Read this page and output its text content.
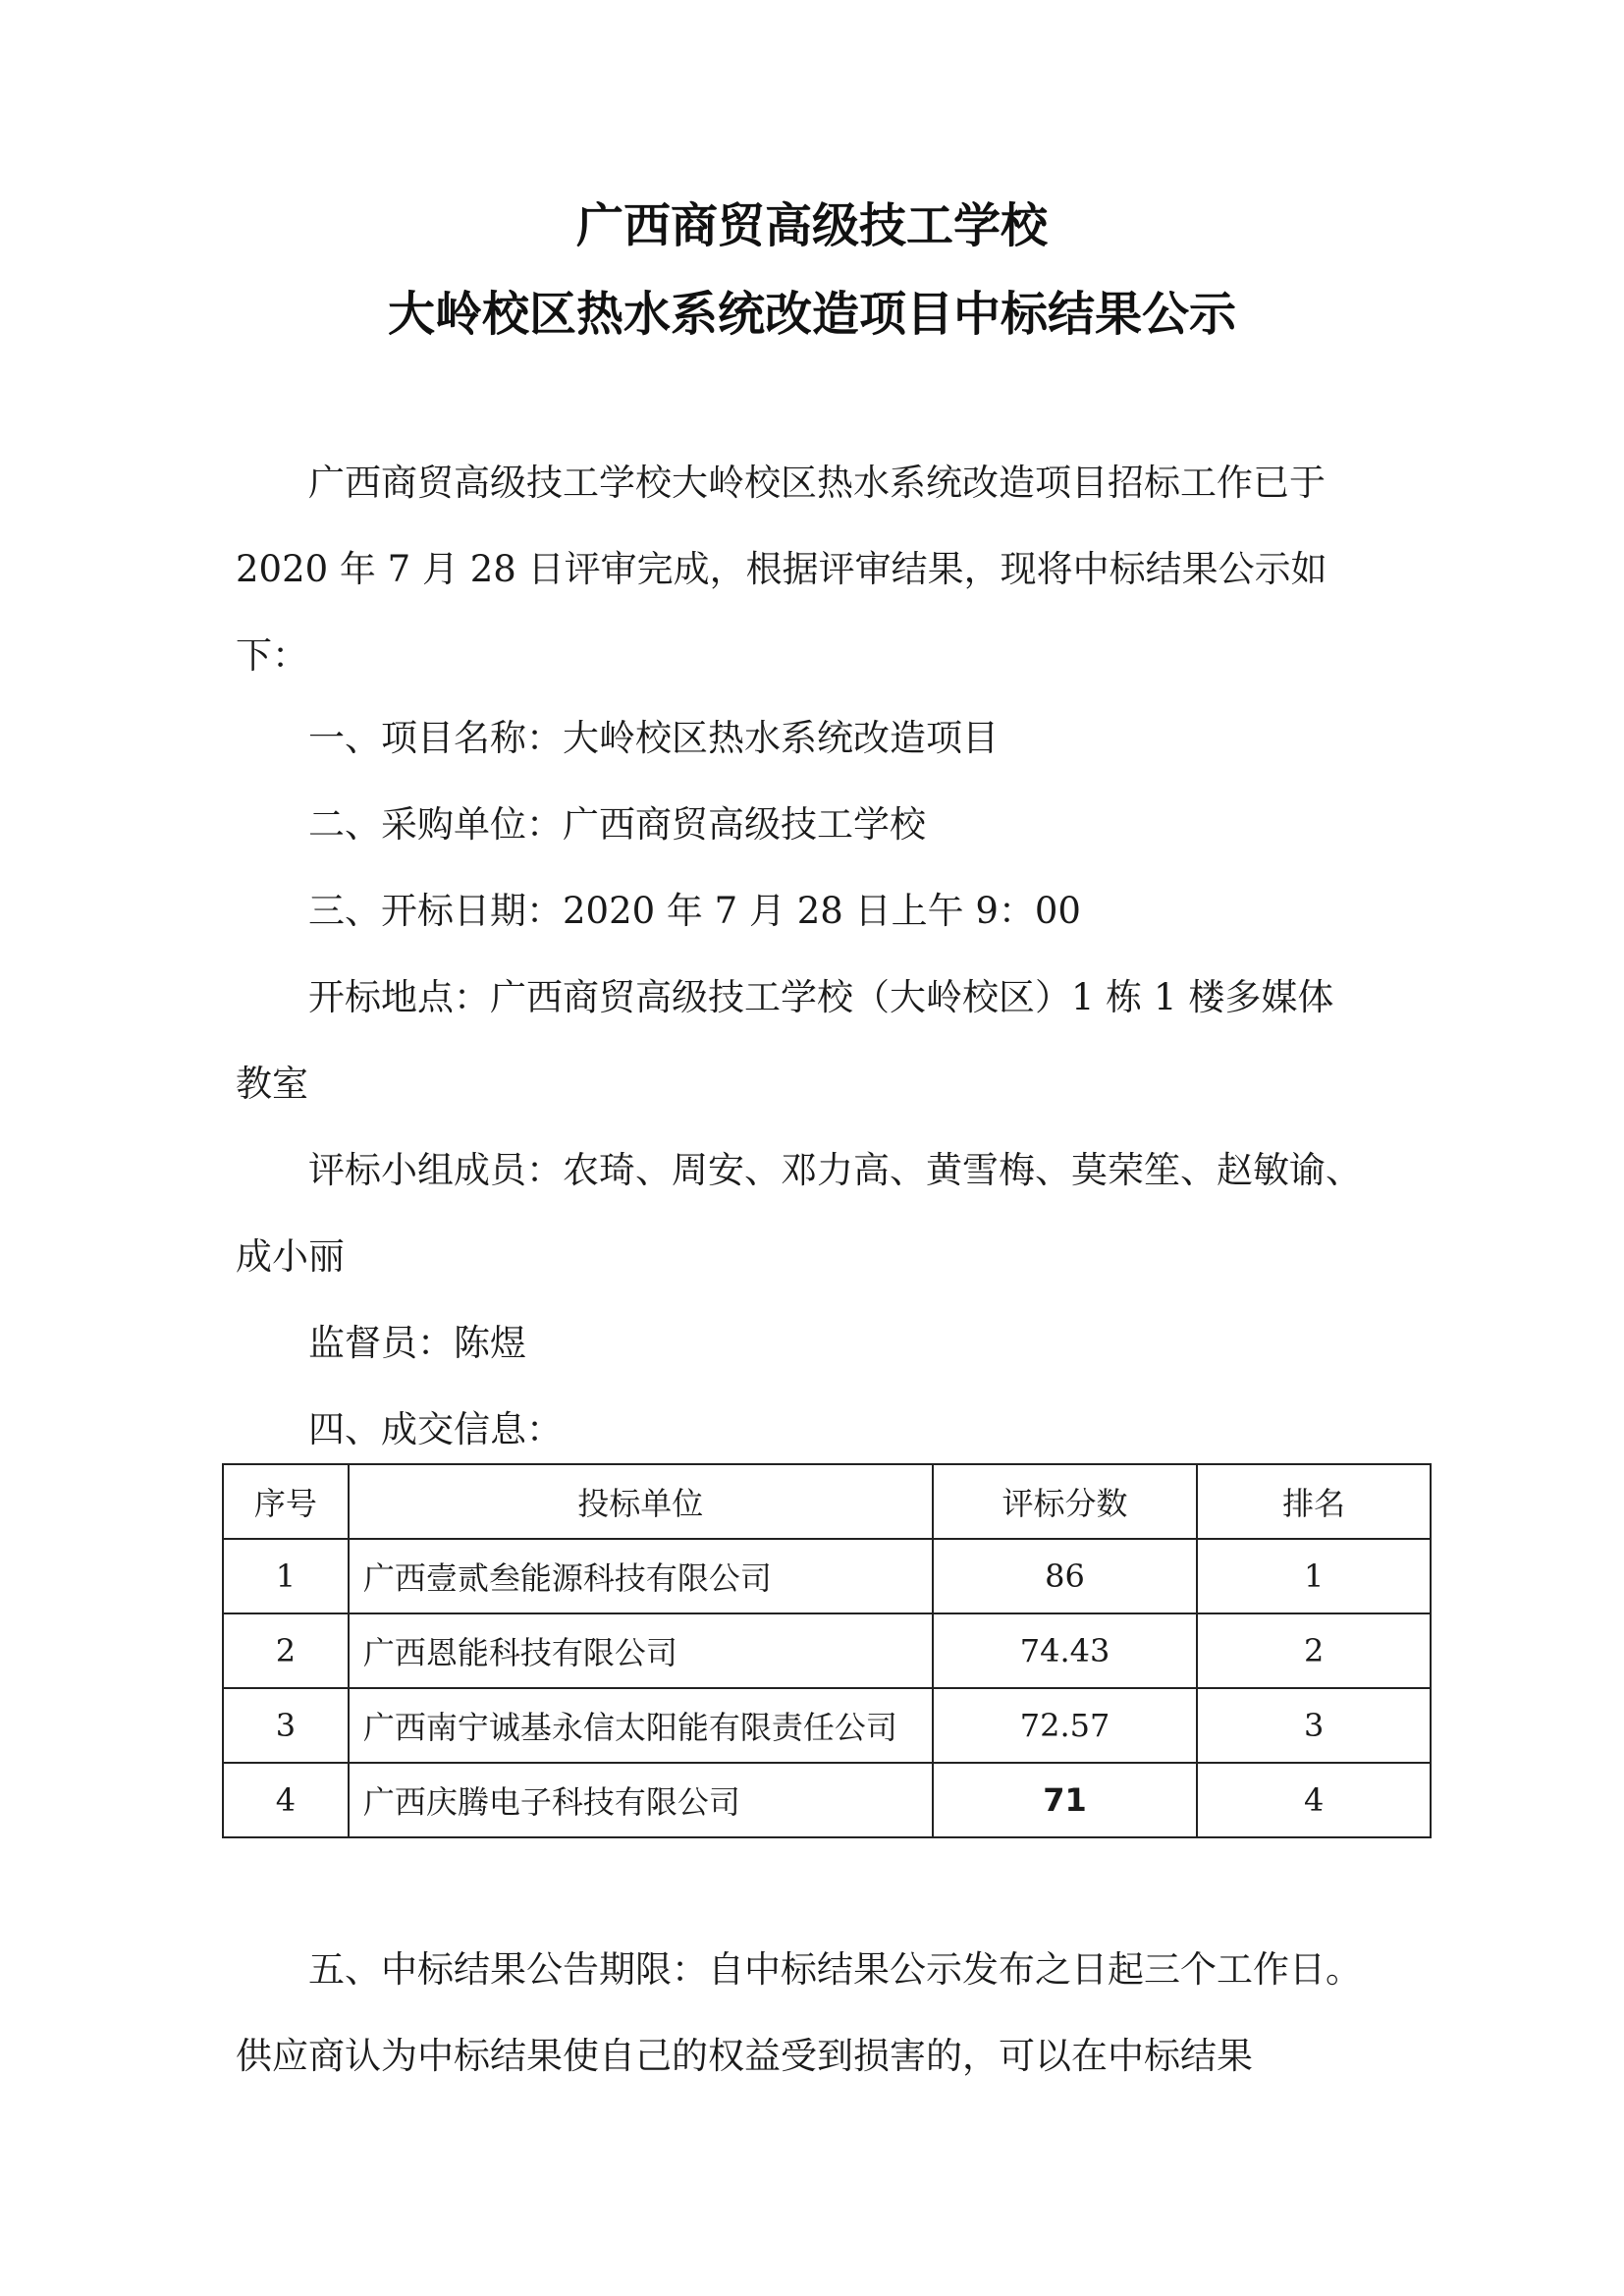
广西商贸高级技工学校
大岭校区热水系统改造项目中标结果公示

广西商贸高级技工学校大岭校区热水系统改造项目招标工作已于 2020 年 7 月 28 日评审完成，根据评审结果，现将中标结果公示如下：

一、项目名称：大岭校区热水系统改造项目
二、采购单位：广西商贸高级技工学校
三、开标日期：2020 年 7 月 28 日上午 9：00
开标地点：广西商贸高级技工学校（大岭校区）1 栋 1 楼多媒体
教室
评标小组成员：农琦、周安、邓力高、黄雪梅、莫荣笙、赵敏谕、
成小丽
监督员：陈煜
四、成交信息：
序号	投标单位	评标分数	排名
1	广西壹贰叁能源科技有限公司	86	1
2	广西恩能科技有限公司	74.43	2
3	广西南宁诚基永信太阳能有限责任公司	72.57	3
4	广西庆腾电子科技有限公司	71	4
五、中标结果公告期限：自中标结果公示发布之日起三个工作日。
供应商认为中标结果使自己的权益受到损害的，可以在中标结果
